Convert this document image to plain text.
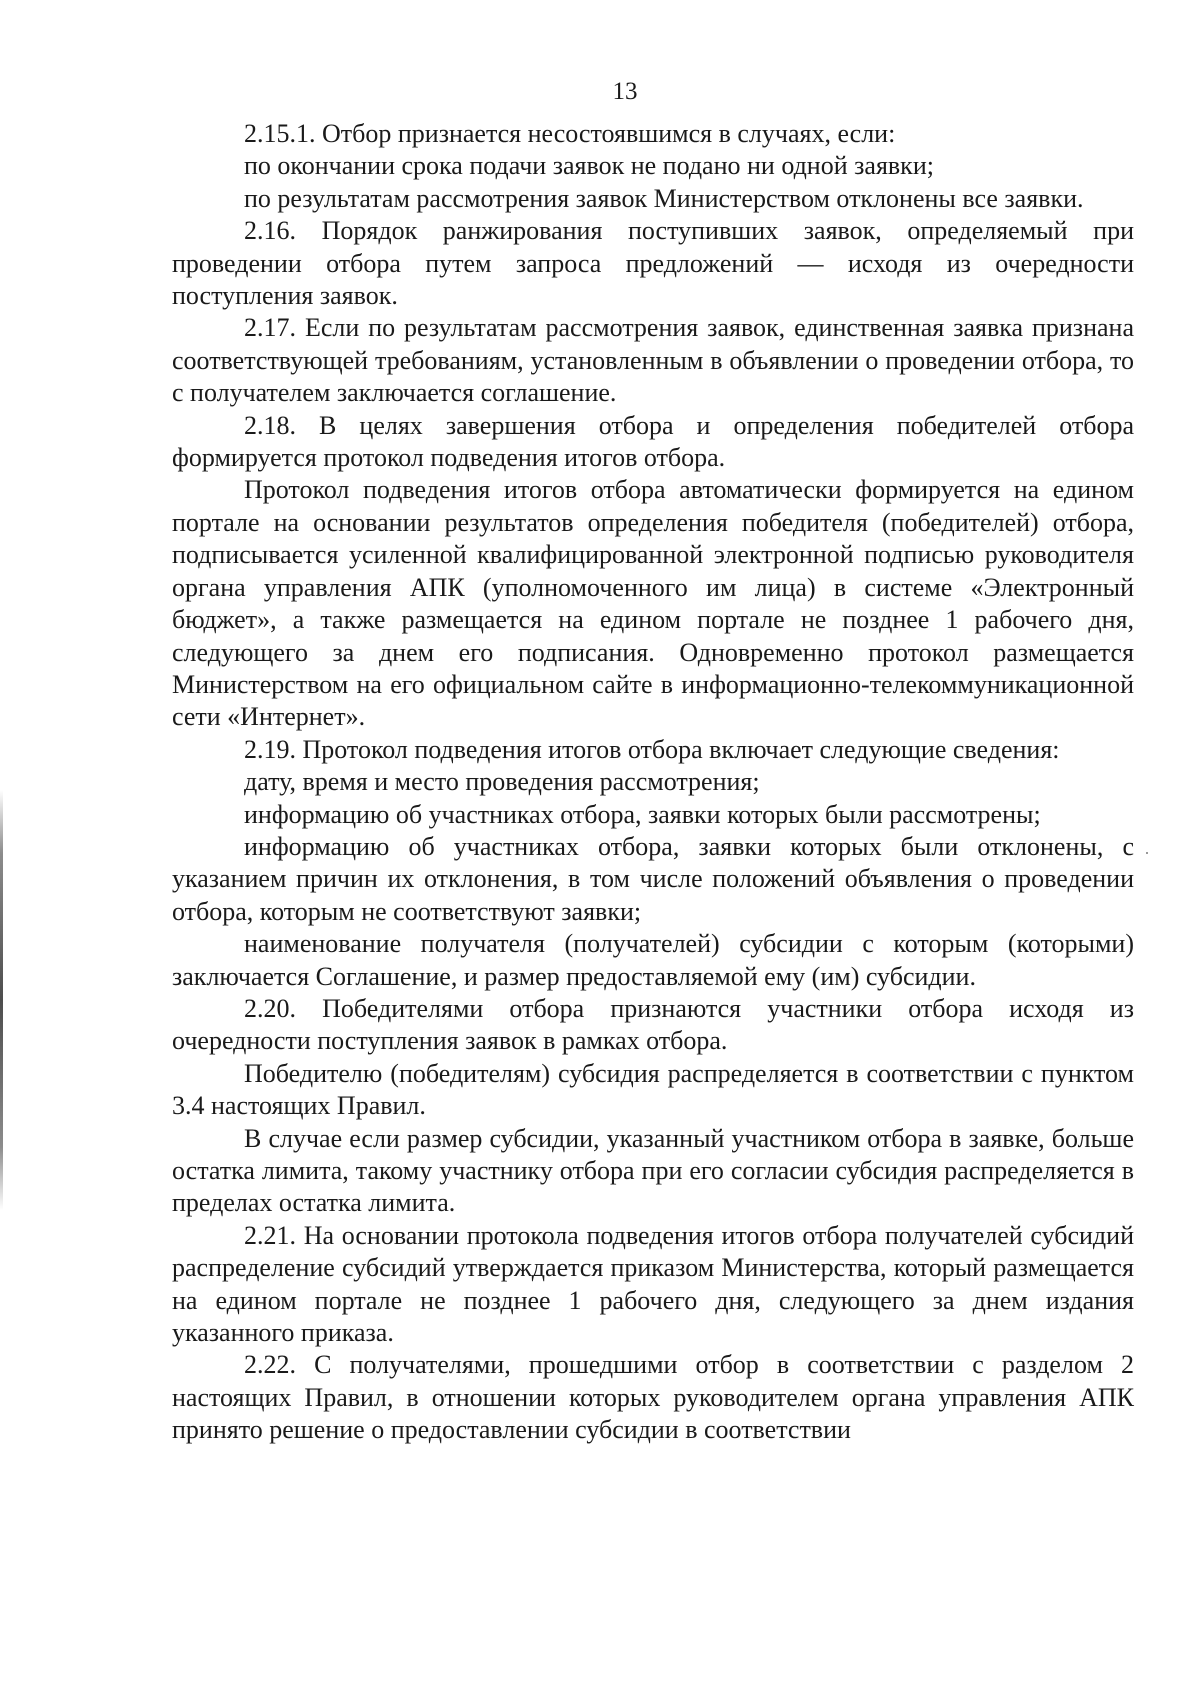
13

2.15.1. Отбор признается несостоявшимся в случаях, если:

по окончании срока подачи заявок не подано ни одной заявки;

по результатам рассмотрения заявок Министерством отклонены все заявки.

2.16. Порядок ранжирования поступивших заявок, определяемый при проведении отбора путем запроса предложений — исходя из очередности поступления заявок.

2.17. Если по результатам рассмотрения заявок, единственная заявка признана соответствующей требованиям, установленным в объявлении о проведении отбора, то с получателем заключается соглашение.

2.18. В целях завершения отбора и определения победителей отбора формируется протокол подведения итогов отбора.

Протокол подведения итогов отбора автоматически формируется на едином портале на основании результатов определения победителя (победителей) отбора, подписывается усиленной квалифицированной электронной подписью руководителя органа управления АПК (уполномоченного им лица) в системе «Электронный бюджет», а также размещается на едином портале не позднее 1 рабочего дня, следующего за днем его подписания. Одновременно протокол размещается Министерством на его официальном сайте в информационно-телекоммуникационной сети «Интернет».

2.19. Протокол подведения итогов отбора включает следующие сведения:

дату, время и место проведения рассмотрения;

информацию об участниках отбора, заявки которых были рассмотрены;

информацию об участниках отбора, заявки которых были отклонены, с указанием причин их отклонения, в том числе положений объявления о проведении отбора, которым не соответствуют заявки;

наименование получателя (получателей) субсидии с которым (которыми) заключается Соглашение, и размер предоставляемой ему (им) субсидии.

2.20. Победителями отбора признаются участники отбора исходя из очередности поступления заявок в рамках отбора.

Победителю (победителям) субсидия распределяется в соответствии с пунктом 3.4 настоящих Правил.

В случае если размер субсидии, указанный участником отбора в заявке, больше остатка лимита, такому участнику отбора при его согласии субсидия распределяется в пределах остатка лимита.

2.21. На основании протокола подведения итогов отбора получателей субсидий распределение субсидий утверждается приказом Министерства, который размещается на едином портале не позднее 1 рабочего дня, следующего за днем издания указанного приказа.

2.22. С получателями, прошедшими отбор в соответствии с разделом 2 настоящих Правил, в отношении которых руководителем органа управления АПК принято решение о предоставлении субсидии в соответствии
